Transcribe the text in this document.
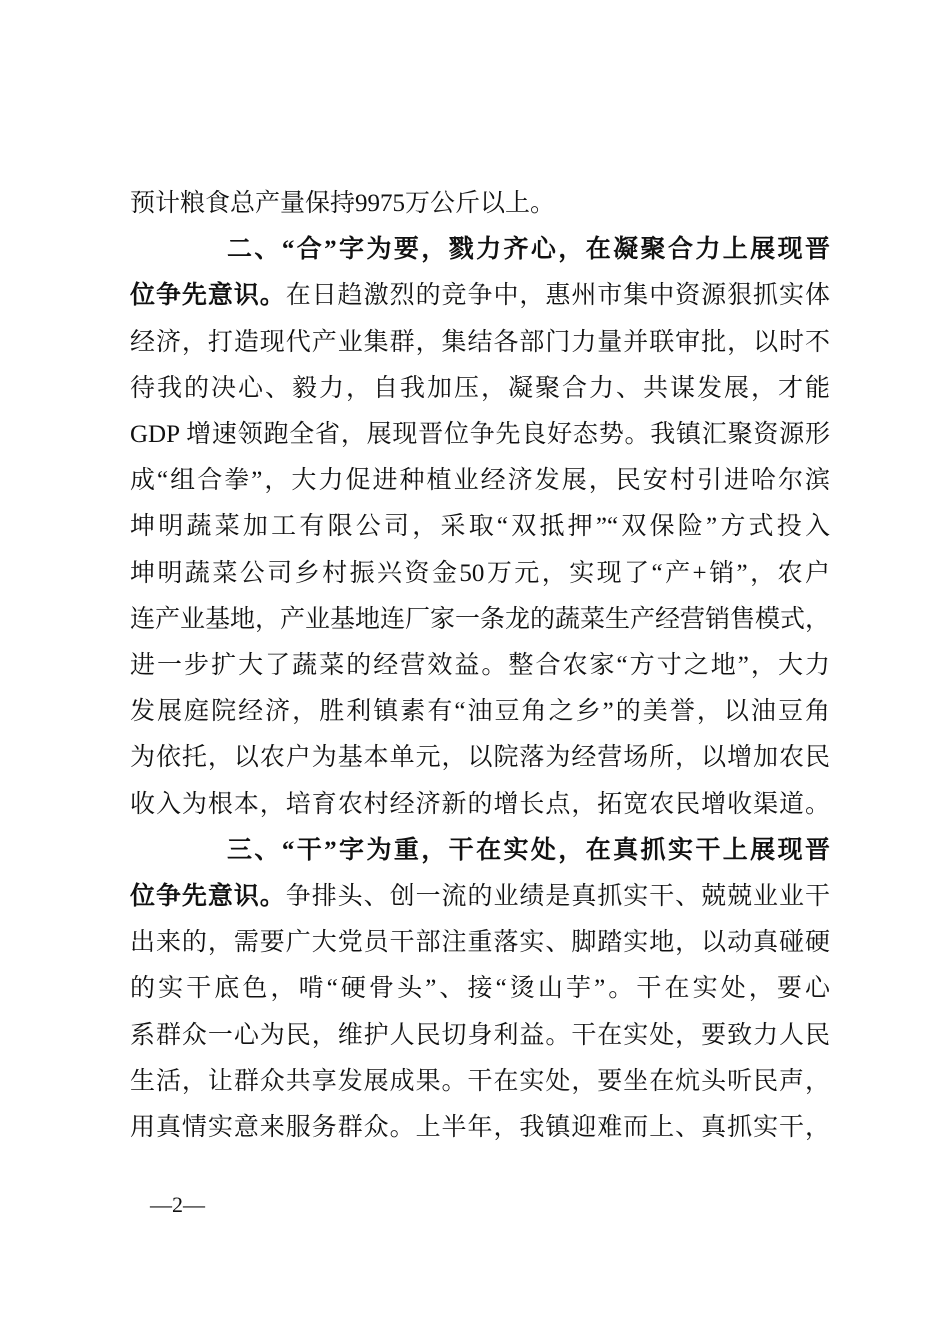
预计粮食总产量保持9975万公斤以上。
二、“合”字为要，戮力齐心，在凝聚合力上展现晋
位争先意识。在日趋激烈的竞争中，惠州市集中资源狠抓实体
经济，打造现代产业集群，集结各部门力量并联审批，以时不
待我的决心、毅力，自我加压，凝聚合力、共谋发展，才能
GDP 增速领跑全省，展现晋位争先良好态势。我镇汇聚资源形
成“组合拳”，大力促进种植业经济发展，民安村引进哈尔滨
坤明蔬菜加工有限公司，采取“双抵押”“双保险”方式投入
坤明蔬菜公司乡村振兴资金50万元，实现了“产+销”，农户
连产业基地，产业基地连厂家一条龙的蔬菜生产经营销售模式，
进一步扩大了蔬菜的经营效益。整合农家“方寸之地”，大力
发展庭院经济，胜利镇素有“油豆角之乡”的美誉，以油豆角
为依托，以农户为基本单元，以院落为经营场所，以增加农民
收入为根本，培育农村经济新的增长点，拓宽农民增收渠道。
三、“干”字为重，干在实处，在真抓实干上展现晋
位争先意识。争排头、创一流的业绩是真抓实干、兢兢业业干
出来的，需要广大党员干部注重落实、脚踏实地，以动真碰硬
的实干底色，啃“硬骨头”、接“烫山芋”。干在实处，要心
系群众一心为民，维护人民切身利益。干在实处，要致力人民
生活，让群众共享发展成果。干在实处，要坐在炕头听民声，
用真情实意来服务群众。上半年，我镇迎难而上、真抓实干，
—2—
